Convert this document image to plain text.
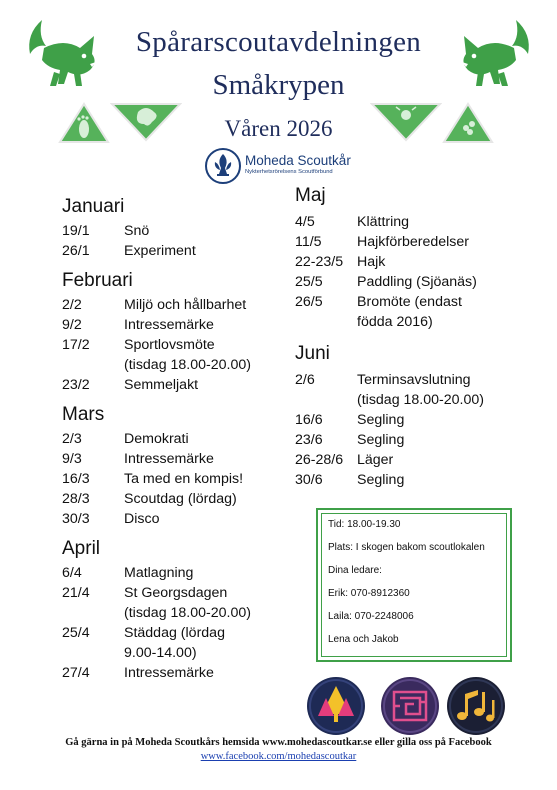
Spårarscoutavdelningen
Småkrypen
Våren 2026
Moheda Scoutkår
Nykterhetsrörelsens Scoutförbund
Januari
19/1 Snö
26/1 Experiment
Februari
2/2	Miljö och hållbarhet
9/2	Intressemärke
17/2 Sportlovsmöte
(tisdag 18.00-20.00)
23/2 Semmeljakt
Mars
2/3	Demokrati
9/3	Intressemärke
16/3 Ta med en kompis!
28/3 Scoutdag (lördag)
30/3 Disco
April
6/4	Matlagning
21/4 St Georgsdagen
(tisdag 18.00-20.00)
25/4 Städdag (lördag
9.00-14.00)
27/4 Intressemärke
Maj
4/5	Klättring
11/5 Hajkförberedelser
22-23/5 Hajk
25/5 Paddling (Sjöanäs)
26/5 Bromöte (endast
födda 2016)
Juni
2/6	Terminsavslutning
(tisdag 18.00-20.00)
16/6 Segling
23/6 Segling
26-28/6 Läger
30/6 Segling
Tid: 18.00-19.30
Plats: I skogen bakom scoutlokalen
Dina ledare:
Erik: 070-8912360
Laila: 070-2248006
Lena och Jakob
Gå gärna in på Moheda Scoutkårs hemsida www.mohedascoutkar.se eller gilla oss på Facebook
www.facebook.com/mohedascoutkar
